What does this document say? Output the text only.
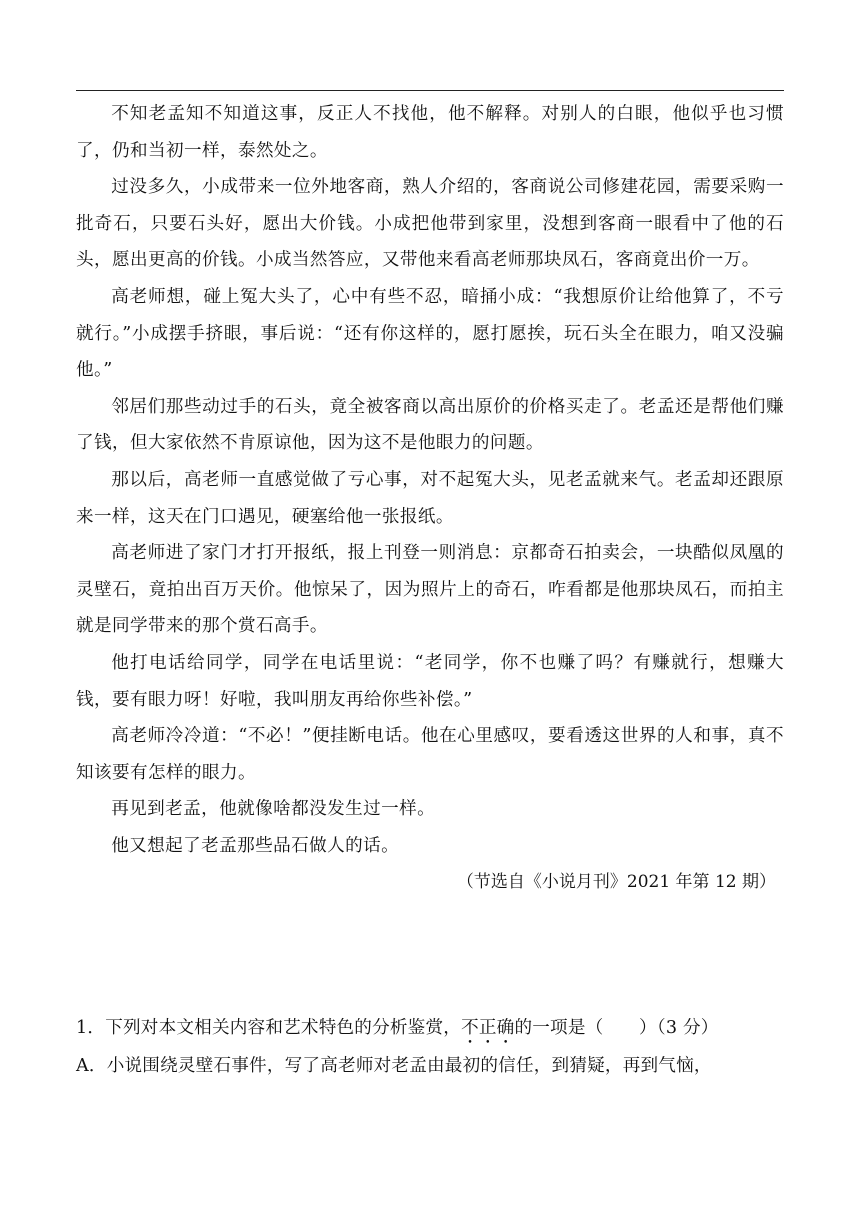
不知老孟知不知道这事，反正人不找他，他不解释。对别人的白眼，他似乎也习惯了，仍和当初一样，泰然处之。

过没多久，小成带来一位外地客商，熟人介绍的，客商说公司修建花园，需要采购一批奇石，只要石头好，愿出大价钱。小成把他带到家里，没想到客商一眼看中了他的石头，愿出更高的价钱。小成当然答应，又带他来看高老师那块凤石，客商竟出价一万。

高老师想，碰上冤大头了，心中有些不忍，暗捅小成：“我想原价让给他算了，不亏就行。”小成摆手挤眼，事后说：“还有你这样的，愿打愿挨，玩石头全在眼力，咱又没骗他。”

邻居们那些动过手的石头，竟全被客商以高出原价的价格买走了。老孟还是帮他们赚了钱，但大家依然不肯原谅他，因为这不是他眼力的问题。

那以后，高老师一直感觉做了亏心事，对不起冤大头，见老孟就来气。老孟却还跟原来一样，这天在门口遇见，硬塞给他一张报纸。

高老师进了家门才打开报纸，报上刊登一则消息：京都奇石拍卖会，一块酷似凤凰的灵壁石，竟拍出百万天价。他惊呆了，因为照片上的奇石，咋看都是他那块凤石，而拍主就是同学带来的那个赏石高手。

他打电话给同学，同学在电话里说：“老同学，你不也赚了吗？有赚就行，想赚大钱，要有眼力呀！好啦，我叫朋友再给你些补偿。”

高老师冷冷道：“不必！”便挂断电话。他在心里感叹，要看透这世界的人和事，真不知该要有怎样的眼力。

再见到老孟，他就像啥都没发生过一样。

他又想起了老孟那些品石做人的话。

（节选自《小说月刊》2021 年第 12 期）

1．下列对本文相关内容和艺术特色的分析鉴赏，不正确的一项是（　　）（3 分）

A．小说围绕灵壁石事件，写了高老师对老孟由最初的信任，到猜疑，再到气恼，
